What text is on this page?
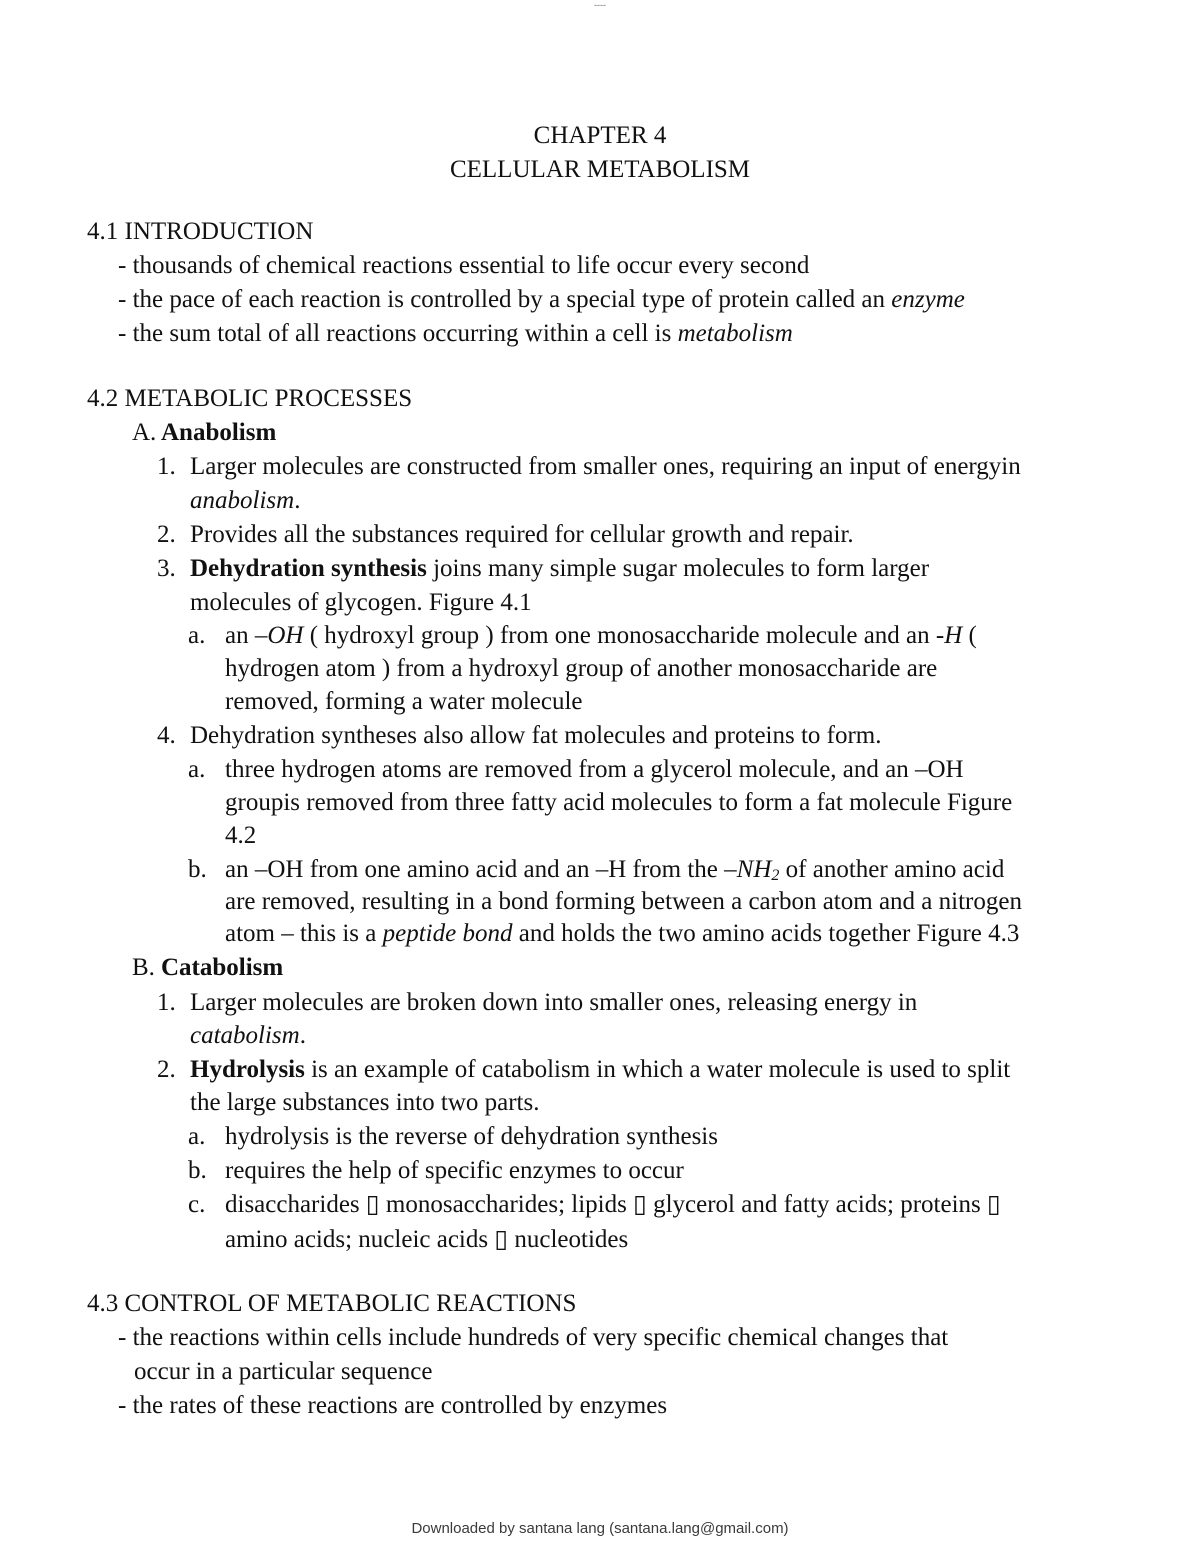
----
CHAPTER 4
CELLULAR METABOLISM
4.1 INTRODUCTION
- thousands of chemical reactions essential to life occur every second
- the pace of each reaction is controlled by a special type of protein called an enzyme
- the sum total of all reactions occurring within a cell is metabolism
4.2 METABOLIC PROCESSES
A. Anabolism
1. Larger molecules are constructed from smaller ones, requiring an input of energyin
anabolism.
2. Provides all the substances required for cellular growth and repair.
3. Dehydration synthesis joins many simple sugar molecules to form larger
molecules of glycogen. Figure 4.1
a. an –OH ( hydroxyl group ) from one monosaccharide molecule and an -H (
hydrogen atom ) from a hydroxyl group of another monosaccharide are
removed, forming a water molecule
4. Dehydration syntheses also allow fat molecules and proteins to form.
a. three hydrogen atoms are removed from a glycerol molecule, and an –OH
groupis removed from three fatty acid molecules to form a fat molecule Figure
4.2
b. an –OH from one amino acid and an –H from the $-NH_2$ of another amino acid
are removed, resulting in a bond forming between a carbon atom and a nitrogen
atom – this is a peptide bond and holds the two amino acids together Figure 4.3
B. Catabolism
1. Larger molecules are broken down into smaller ones, releasing energy in
catabolism.
2. Hydrolysis is an example of catabolism in which a water molecule is used to split
the large substances into two parts.
a. hydrolysis is the reverse of dehydration synthesis
b. requires the help of specific enzymes to occur
c. disaccharides ▯ monosaccharides; lipids ▯ glycerol and fatty acids; proteins ▯
amino acids; nucleic acids ▯ nucleotides
4.3 CONTROL OF METABOLIC REACTIONS
- the reactions within cells include hundreds of very specific chemical changes that
occur in a particular sequence
- the rates of these reactions are controlled by enzymes
Downloaded by santana lang (santana.lang@gmail.com)
